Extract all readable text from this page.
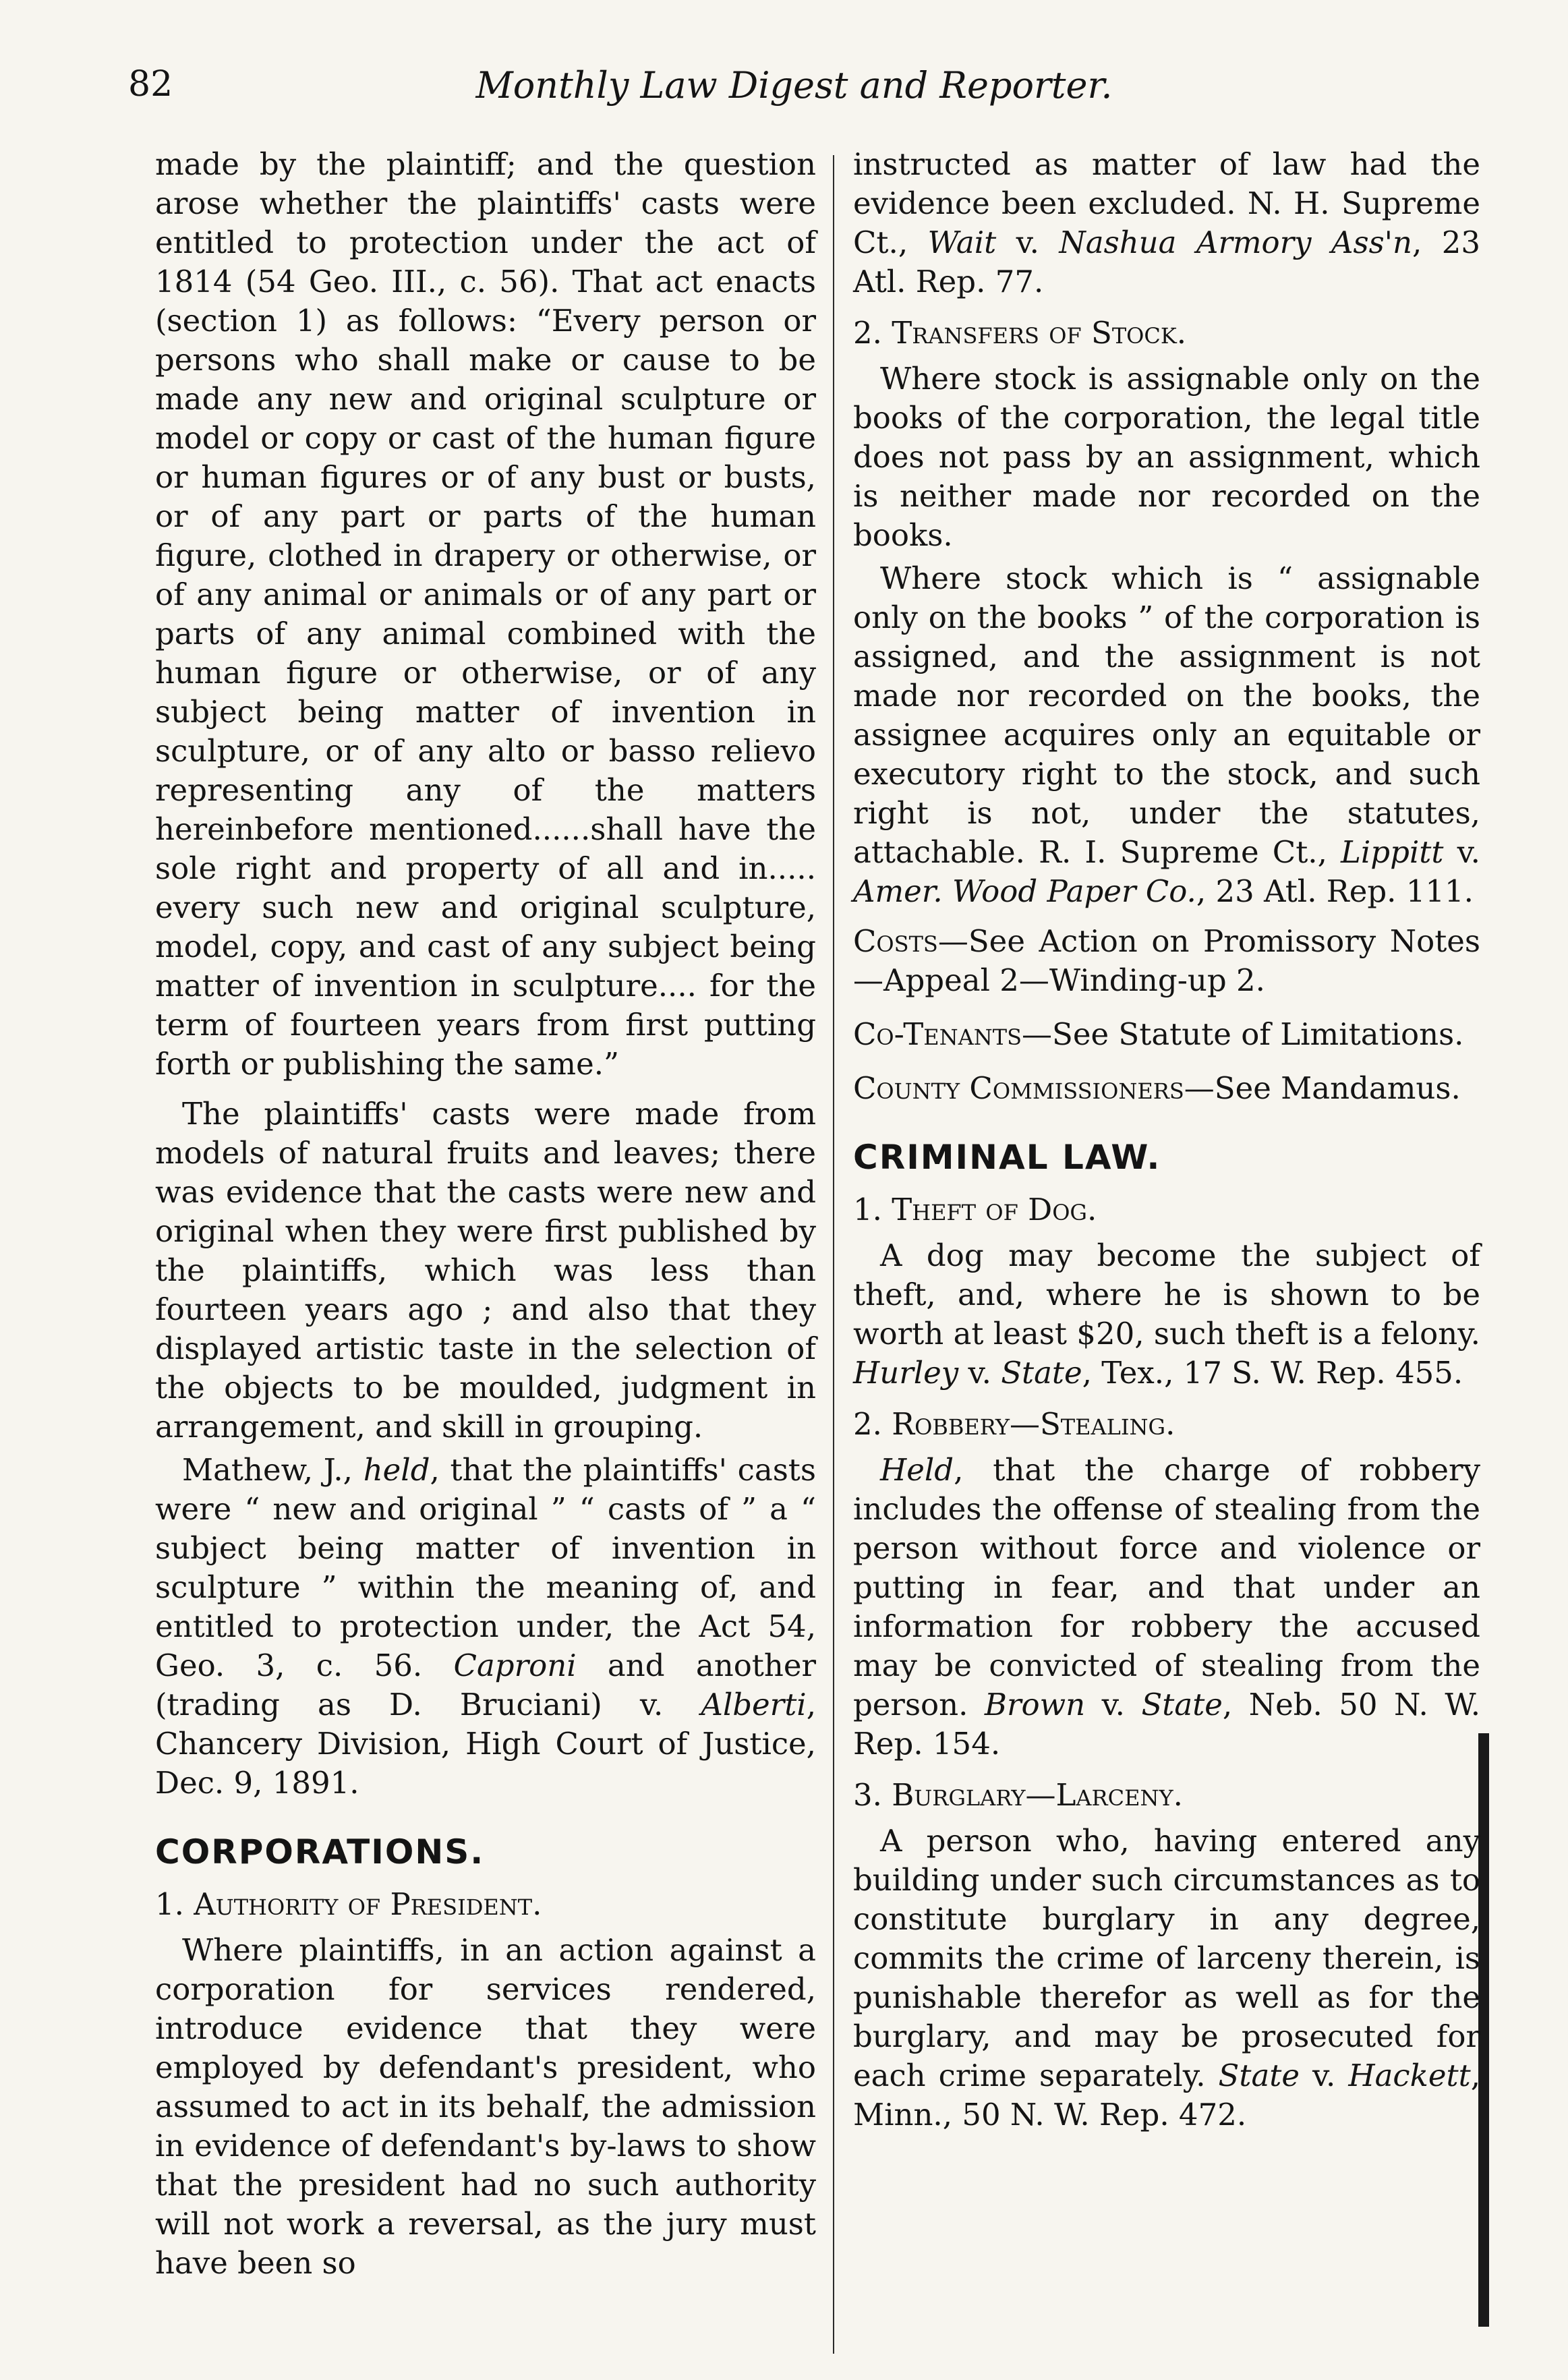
82	Monthly Law Digest and Reporter.

made by the plaintiff; and the question arose whether the plaintiffs' casts were entitled to protection under the act of 1814 (54 Geo. III., c. 56). That act enacts (section 1) as follows: “Every person or persons who shall make or cause to be made any new and original sculpture or model or copy or cast of the human figure or human figures or of any bust or busts, or of any part or parts of the human figure, clothed in drapery or otherwise, or of any animal or animals or of any part or parts of any animal combined with the human figure or otherwise, or of any subject being matter of invention in sculpture, or of any alto or basso relievo representing any of the matters hereinbefore mentioned......shall have the sole right and property of all and in..... every such new and original sculpture, model, copy, and cast of any subject being matter of invention in sculpture.... for the term of fourteen years from first putting forth or publishing the same.”

The plaintiffs' casts were made from models of natural fruits and leaves; there was evidence that the casts were new and original when they were first published by the plaintiffs, which was less than fourteen years ago ; and also that they displayed artistic taste in the selection of the objects to be moulded, judgment in arrangement, and skill in grouping.

Mathew, J., held, that the plaintiffs' casts were “ new and original ” “ casts of ” a “ subject being matter of invention in sculpture ” within the meaning of, and entitled to protection under, the Act 54, Geo. 3, c. 56. Caproni and another (trading as D. Bruciani) v. Alberti, Chancery Division, High Court of Justice, Dec. 9, 1891.

CORPORATIONS.
1. Authority of President.

Where plaintiffs, in an action against a corporation for services rendered, introduce evidence that they were employed by defendant's president, who assumed to act in its behalf, the admission in evidence of defendant's by-laws to show that the president had no such authority will not work a reversal, as the jury must have been so

instructed as matter of law had the evidence been excluded. N. H. Supreme Ct., Wait v. Nashua Armory Ass'n, 23 Atl. Rep. 77.

2. Transfers of Stock.

Where stock is assignable only on the books of the corporation, the legal title does not pass by an assignment, which is neither made nor recorded on the books.

Where stock which is “ assignable only on the books ” of the corporation is assigned, and the assignment is not made nor recorded on the books, the assignee acquires only an equitable or executory right to the stock, and such right is not, under the statutes, attachable. R. I. Supreme Ct., Lippitt v. Amer. Wood Paper Co., 23 Atl. Rep. 111.

Costs—See Action on Promissory Notes—Appeal 2—Winding-up 2.

Co-Tenants—See Statute of Limitations.

County Commissioners—See Mandamus.

CRIMINAL LAW.
1. Theft of Dog.

A dog may become the subject of theft, and, where he is shown to be worth at least $20, such theft is a felony. Hurley v. State, Tex., 17 S. W. Rep. 455.

2. Robbery—Stealing.

Held, that the charge of robbery includes the offense of stealing from the person without force and violence or putting in fear, and that under an information for robbery the accused may be convicted of stealing from the person. Brown v. State, Neb. 50 N. W. Rep. 154.

3. Burglary—Larceny.

A person who, having entered any building under such circumstances as to constitute burglary in any degree, commits the crime of larceny therein, is punishable therefor as well as for the burglary, and may be prosecuted for each crime separately. State v. Hackett, Minn., 50 N. W. Rep. 472.
